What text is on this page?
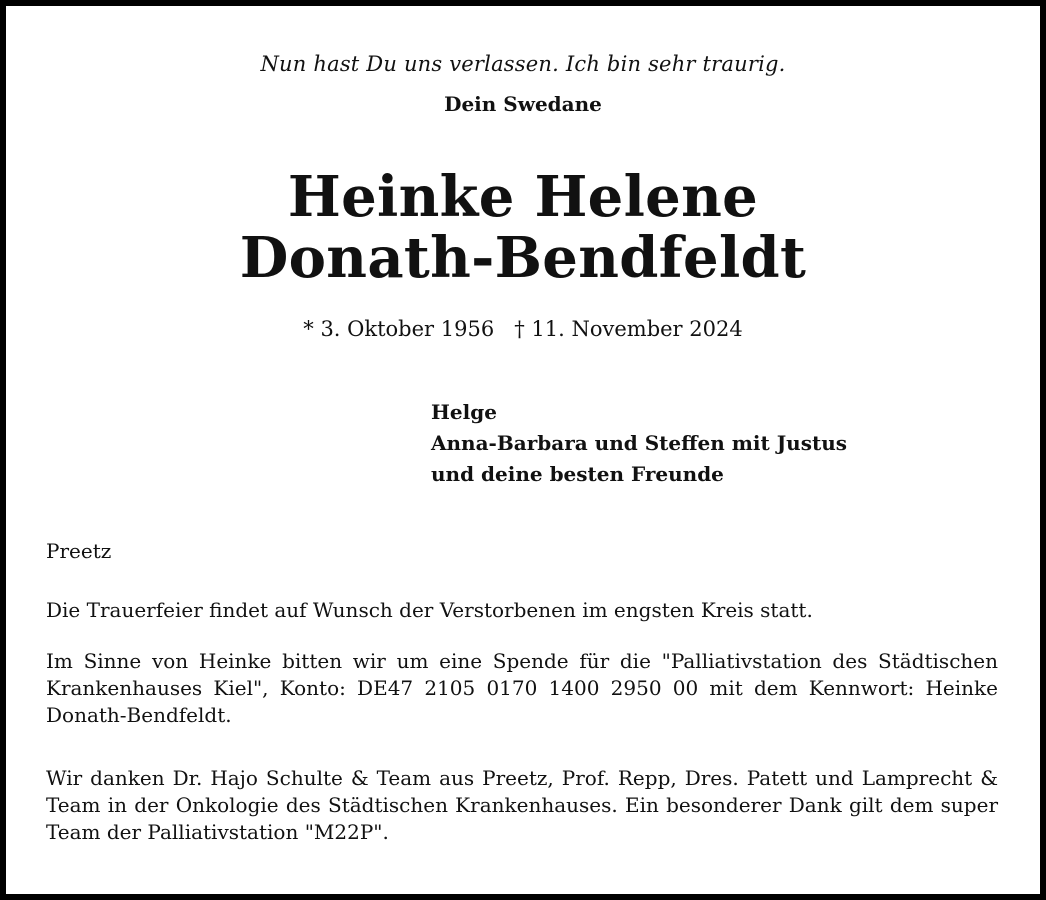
Nun hast Du uns verlassen. Ich bin sehr traurig.

Dein Swedane

Heinke Helene
Donath-Bendfeldt

* 3. Oktober 1956 † 11. November 2024

Helge
Anna-Barbara und Steffen mit Justus
und deine besten Freunde

Preetz

Die Trauerfeier findet auf Wunsch der Verstorbenen im engsten Kreis statt.

Im Sinne von Heinke bitten wir um eine Spende für die "Palliativstation des Städtischen Krankenhauses Kiel", Konto: DE47 2105 0170 1400 2950 00 mit dem Kennwort: Heinke Donath-Bendfeldt.

Wir danken Dr. Hajo Schulte & Team aus Preetz, Prof. Repp, Dres. Patett und Lamprecht & Team in der Onkologie des Städtischen Krankenhauses. Ein besonderer Dank gilt dem super Team der Palliativstation "M22P".
